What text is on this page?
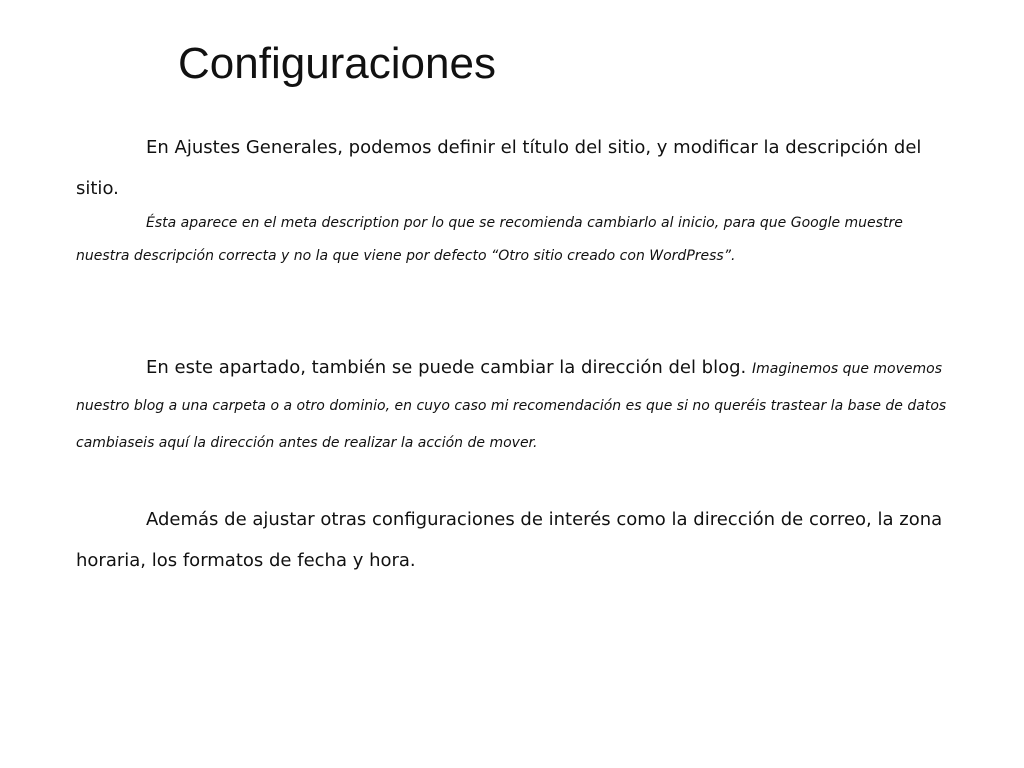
Configuraciones

En Ajustes Generales, podemos definir el título del sitio, y modificar la descripción del sitio.

Ésta aparece en el meta description por lo que se recomienda cambiarlo al inicio, para que Google muestre nuestra descripción correcta y no la que viene por defecto “Otro sitio creado con WordPress”.

En este apartado, también se puede cambiar la dirección del blog. Imaginemos que movemos nuestro blog a una carpeta o a otro dominio, en cuyo caso mi recomendación es que si no queréis trastear la base de datos cambiaseis aquí la dirección antes de realizar la acción de mover.

Además de ajustar otras configuraciones de interés como la dirección de correo, la zona horaria, los formatos de fecha y hora.
